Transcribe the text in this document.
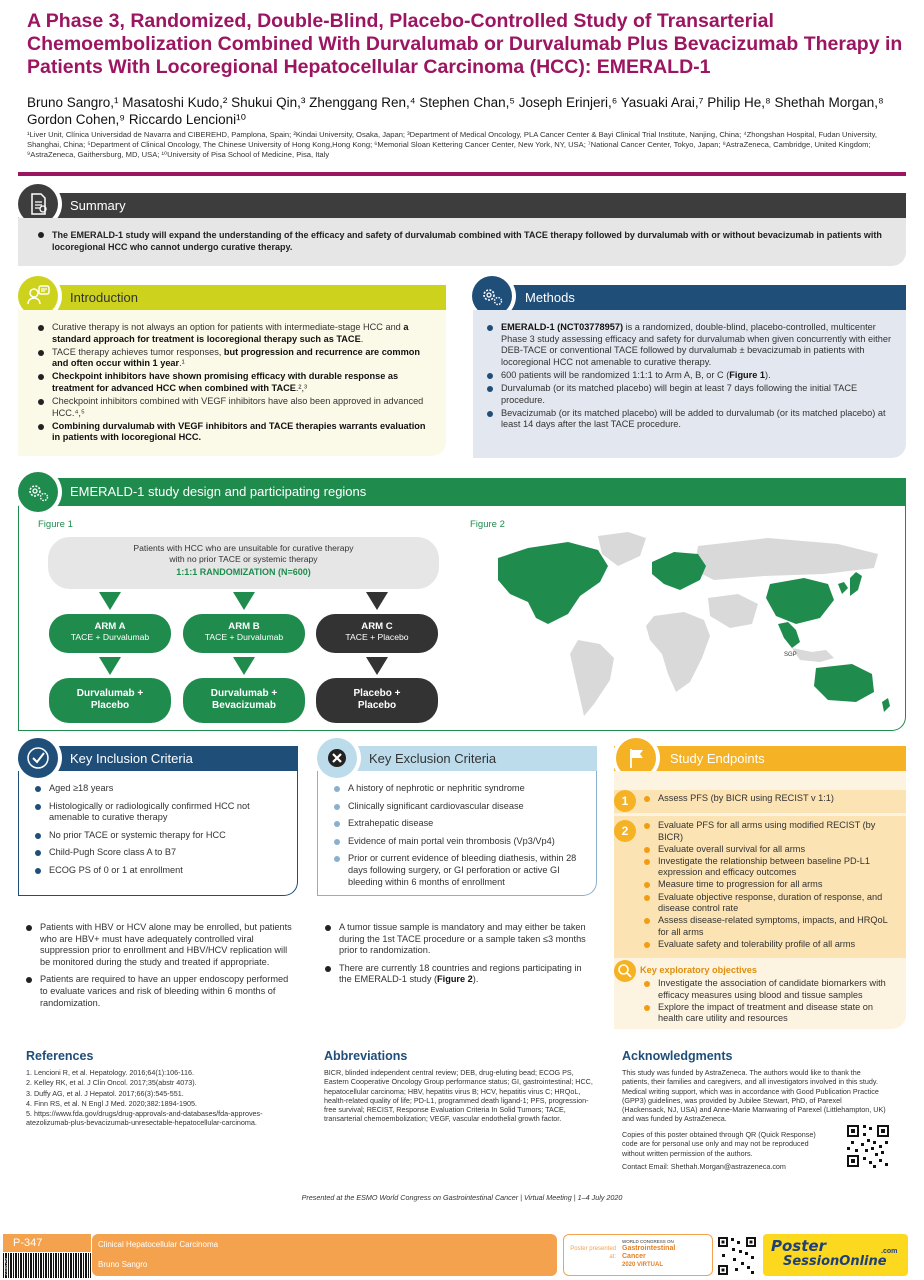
A Phase 3, Randomized, Double-Blind, Placebo-Controlled Study of Transarterial Chemoembolization Combined With Durvalumab or Durvalumab Plus Bevacizumab Therapy in Patients With Locoregional Hepatocellular Carcinoma (HCC): EMERALD-1
Bruno Sangro,¹ Masatoshi Kudo,² Shukui Qin,³ Zhenggang Ren,⁴ Stephen Chan,⁵ Joseph Erinjeri,⁶ Yasuaki Arai,⁷ Philip He,⁸ Shethah Morgan,⁸ Gordon Cohen,⁹ Riccardo Lencioni¹⁰
¹Liver Unit, Clínica Universidad de Navarra and CIBEREHD, Pamplona, Spain; ²Kindai University, Osaka, Japan; ³Department of Medical Oncology, PLA Cancer Center & Bayi Clinical Trial Institute, Nanjing, China; ⁴Zhongshan Hospital, Fudan University, Shanghai, China; ⁵Department of Clinical Oncology, The Chinese University of Hong Kong,Hong Kong; ⁶Memorial Sloan Kettering Cancer Center, New York, NY, USA; ⁷National Cancer Center, Tokyo, Japan; ⁸AstraZeneca, Cambridge, United Kingdom; ⁹AstraZeneca, Gaithersburg, MD, USA; ¹⁰University of Pisa School of Medicine, Pisa, Italy
Summary
The EMERALD-1 study will expand the understanding of the efficacy and safety of durvalumab combined with TACE therapy followed by durvalumab with or without bevacizumab in patients with locoregional HCC who cannot undergo curative therapy.
Introduction
Curative therapy is not always an option for patients with intermediate-stage HCC and a standard approach for treatment is locoregional therapy such as TACE.
TACE therapy achieves tumor responses, but progression and recurrence are common and often occur within 1 year.¹
Checkpoint inhibitors have shown promising efficacy with durable response as treatment for advanced HCC when combined with TACE.²,³
Checkpoint inhibitors combined with VEGF inhibitors have also been approved in advanced HCC.⁴,⁵
Combining durvalumab with VEGF inhibitors and TACE therapies warrants evaluation in patients with locoregional HCC.
Methods
EMERALD-1 (NCT03778957) is a randomized, double-blind, placebo-controlled, multicenter Phase 3 study assessing efficacy and safety for durvalumab when given concurrently with either DEB-TACE or conventional TACE followed by durvalumab ± bevacizumab in patients with locoregional HCC not amenable to curative therapy.
600 patients will be randomized 1:1:1 to Arm A, B, or C (Figure 1).
Durvalumab (or its matched placebo) will begin at least 7 days following the initial TACE procedure.
Bevacizumab (or its matched placebo) will be added to durvalumab (or its matched placebo) at least 14 days after the last TACE procedure.
EMERALD-1 study design and participating regions
Figure 1	Figure 2
Patients with HCC who are unsuitable for curative therapy
with no prior TACE or systemic therapy
1:1:1 RANDOMIZATION (N=600)
ARM A
TACE + Durvalumab
Durvalumab +
Placebo
ARM B
TACE + Durvalumab
Durvalumab +
Bevacizumab
ARM C
TACE + Placebo
Placebo +
Placebo
SGP
Key Inclusion Criteria
Aged ≥18 years
Histologically or radiologically confirmed HCC not amenable to curative therapy
No prior TACE or systemic therapy for HCC
Child-Pugh Score class A to B7
ECOG PS of 0 or 1 at enrollment
Patients with HBV or HCV alone may be enrolled, but patients who are HBV+ must have adequately controlled viral suppression prior to enrollment and HBV/HCV replication will be monitored during the study and treated if appropriate.
Patients are required to have an upper endoscopy performed to evaluate varices and risk of bleeding within 6 months of randomization.
Key Exclusion Criteria
A history of nephrotic or nephritic syndrome
Clinically significant cardiovascular disease
Extrahepatic disease
Evidence of main portal vein thrombosis (Vp3/Vp4)
Prior or current evidence of bleeding diathesis, within 28 days following surgery, or GI perforation or active GI bleeding within 6 months of enrollment
A tumor tissue sample is mandatory and may either be taken during the 1st TACE procedure or a sample taken ≤3 months prior to randomization.
There are currently 18 countries and regions participating in the EMERALD-1 study (Figure 2).
Study Endpoints
1	Assess PFS (by BICR using RECIST v 1:1)
2	Evaluate PFS for all arms using modified RECIST (by BICR)
Evaluate overall survival for all arms
Investigate the relationship between baseline PD-L1 expression and efficacy outcomes
Measure time to progression for all arms
Evaluate objective response, duration of response, and disease control rate
Assess disease-related symptoms, impacts, and HRQoL for all arms
Evaluate safety and tolerability profile of all arms
Key exploratory objectives
Investigate the association of candidate biomarkers with efficacy measures using blood and tissue samples
Explore the impact of treatment and disease state on health care utility and resources
References
1. Lencioni R, et al. Hepatology. 2016;64(1):106-116.
2. Kelley RK, et al. J Clin Oncol. 2017;35(abstr 4073).
3. Duffy AG, et al. J Hepatol. 2017;66(3):545-551.
4. Finn RS, et al. N Engl J Med. 2020;382:1894-1905.
5. https://www.fda.gov/drugs/drug-approvals-and-databases/fda-approves-atezolizumab-plus-bevacizumab-unresectable-hepatocellular-carcinoma.
Abbreviations
BICR, blinded independent central review; DEB, drug-eluting bead; ECOG PS, Eastern Cooperative Oncology Group performance status; GI, gastrointestinal; HCC, hepatocellular carcinoma; HBV, hepatitis virus B; HCV, hepatitis virus C; HRQoL, health-related quality of life; PD-L1, programmed death ligand-1; PFS, progression-free survival; RECIST, Response Evaluation Criteria In Solid Tumors; TACE, transarterial chemoembolization; VEGF, vascular endothelial growth factor.
Acknowledgments
This study was funded by AstraZeneca. The authors would like to thank the patients, their families and caregivers, and all investigators involved in this study. Medical writing support, which was in accordance with Good Publication Practice (GPP3) guidelines, was provided by Jubilee Stewart, PhD, of Parexel (Hackensack, NJ, USA) and Anne-Marie Manwaring of Parexel (Littlehampton, UK) and was funded by AstraZeneca.
Copies of this poster obtained through QR (Quick Response) code are for personal use only and may not be reproduced without written permission of the authors.
Contact Email: Shethah.Morgan@astrazeneca.com
Presented at the ESMO World Congress on Gastrointestinal Cancer | Virtual Meeting | 1–4 July 2020
P-347
270625C
Clinical Hepatocellular Carcinoma
Bruno Sangro
Poster presented at:
WORLD CONGRESS ON
Gastrointestinal
Cancer
2020 VIRTUAL
Poster
SessionOnline
.com
